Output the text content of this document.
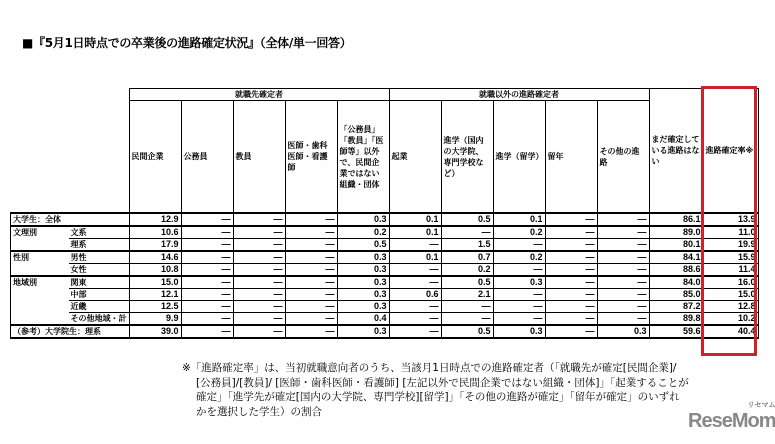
■『5月1日時点での卒業後の進路確定状況』（全体/単一回答）
		就職先確定者					就職以外の進路確定者					まだ確定している進路はない	進路確定率※
		民間企業	公務員	教員	医師・歯科医師・看護師	「公務員」「教員」「医師等」以外で、民間企業ではない組織・団体	起業	進学（国内の大学院、専門学校など）	進学（留学）	留年	その他の進路		
大学生：全体		12.9	—	—	—	0.3	0.1	0.5	0.1	—	—	86.1	13.9
文理別	文系	10.6	—	—	—	0.2	0.1	—	0.2	—	—	89.0	11.0
	理系	17.9	—	—	—	0.5	—	1.5	—	—	—	80.1	19.9
性別	男性	14.6	—	—	—	0.3	0.1	0.7	0.2	—	—	84.1	15.9
	女性	10.8	—	—	—	0.3	—	0.2	—	—	—	88.6	11.4
地域別	関東	15.0	—	—	—	0.3	—	0.5	0.3	—	—	84.0	16.0
	中部	12.1	—	—	—	0.3	0.6	2.1	—	—	—	85.0	15.0
	近畿	12.5	—	—	—	0.3	—	—	—	—	—	87.2	12.8
	その他地域・計	9.9	—	—	—	0.4	—	—	—	—	—	89.8	10.2
（参考）大学院生：理系		39.0	—	—	—	0.3	—	0.5	0.3	—	0.3	59.6	40.4
※「進路確定率」は、当初就職意向者のうち、当該月1日時点での進路確定者（「就職先が確定[民間企業]/
[公務員]/[教員]/ [医師・歯科医師・看護師] [左記以外で民間企業ではない組織・団体]」「起業することが
確定」「進学先が確定[国内の大学院、専門学校][留学]」「その他の進路が確定」「留年が確定」のいずれ
かを選択した学生）の割合	ReseMom
リセマム
